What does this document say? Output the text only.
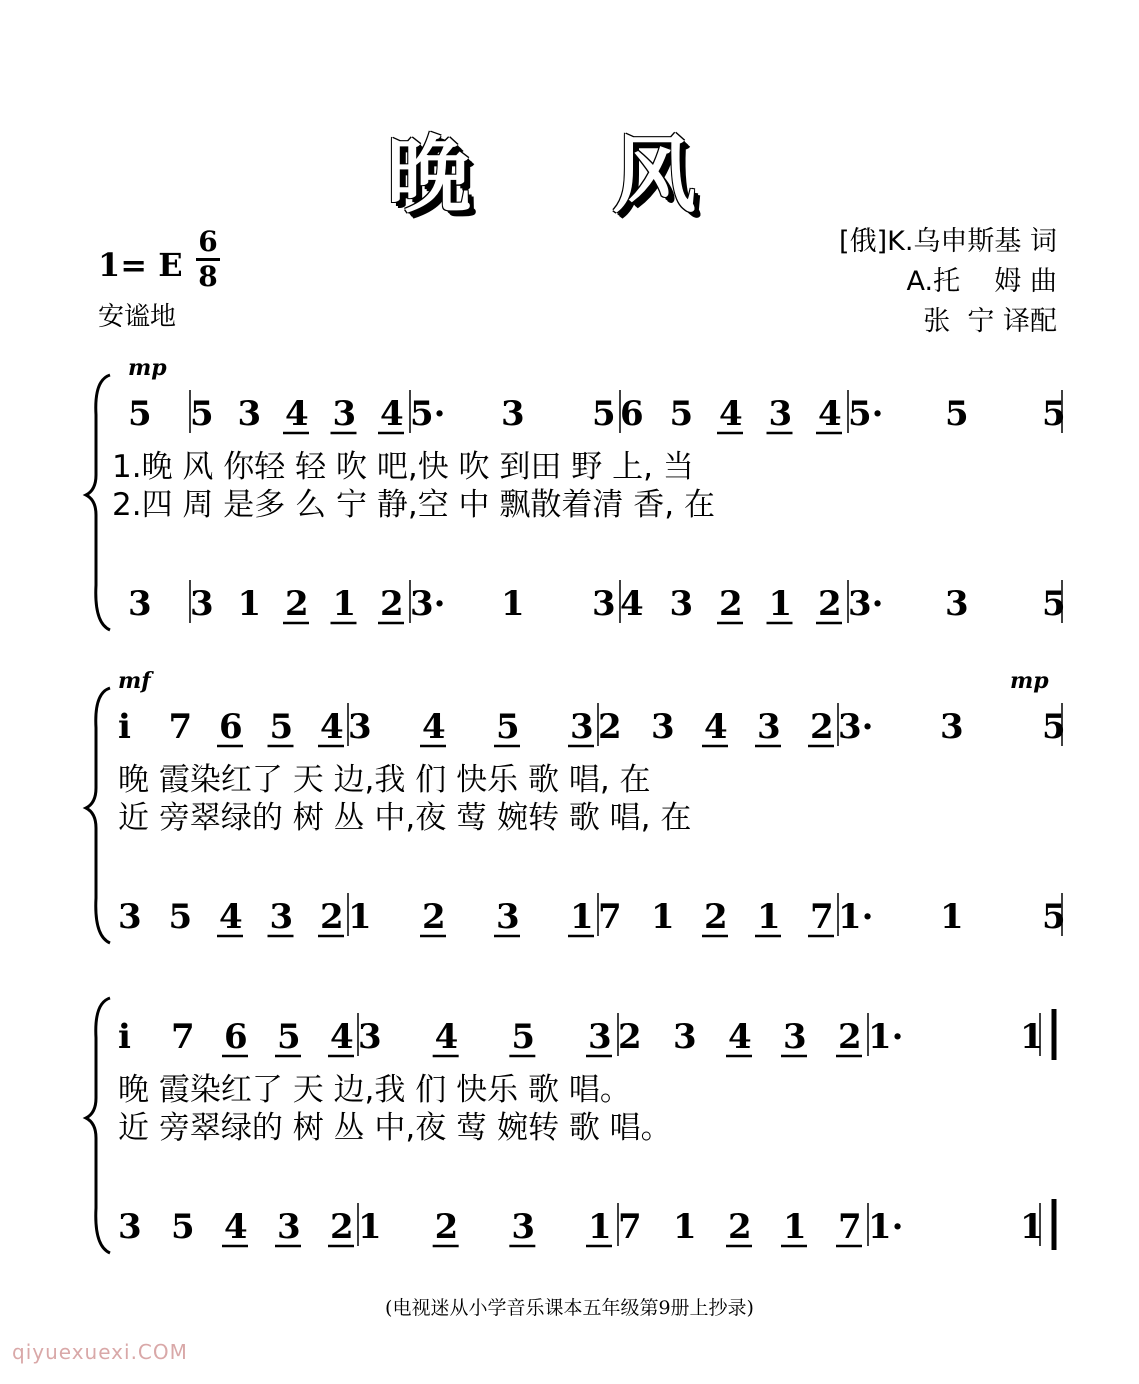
晚 风
1= E
6
8
安谧地
[俄]K.乌申斯基 词
A.托    姆 曲
张  宁 译配
mp
5 5 3 4 3 4 5· 3 5 6 5 4 3 4 5· 5 5
3 3 1 2 1 2 3· 1 3 4 3 2 1 2 3· 3 5
1.晚 风 你轻 轻 吹 吧,快 吹 到田 野 上, 当
2.四 周 是多 么 宁 静,空 中 飘散着清 香, 在
mf	mp
i 7 6 5 4 3 4 5 3 2 3 4 3 2 3· 3 5
3 5 4 3 2 1 2 3 1 7 1 2 1 7 1· 1 5
晚 霞染红了 天 边,我 们 快乐 歌 唱, 在
近 旁翠绿的 树 丛 中,夜 莺 婉转 歌 唱, 在
i 7 6 5 4 3 4 5 3 2 3 4 3 2 1·	1
3 5 4 3 2 1 2 3 1 7 1 2 1 7 1·	1
晚 霞染红了 天 边,我 们 快乐 歌 唱。
近 旁翠绿的 树 丛 中,夜 莺 婉转 歌 唱。
(电视迷从小学音乐课本五年级第9册上抄录)
qiyuexuexi.COM
